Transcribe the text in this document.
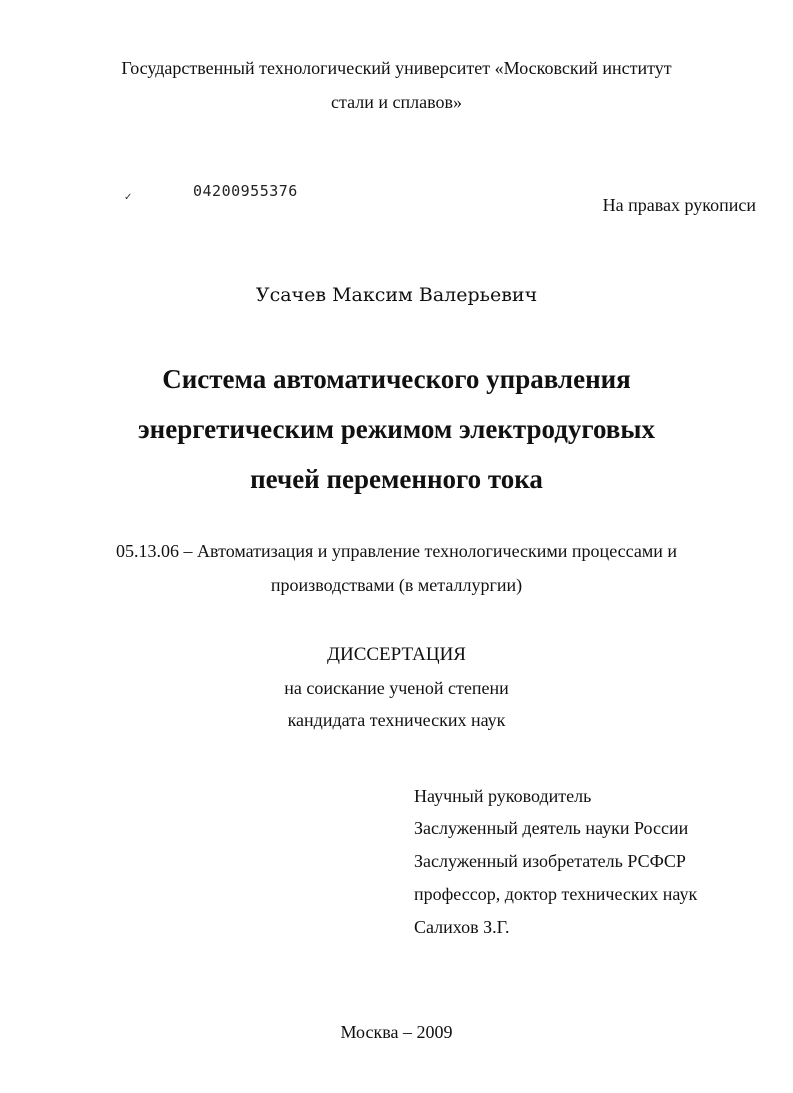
Государственный технологический университет «Московский институт
стали и сплавов»
✓	04200955376
На правах рукописи
Усачев Максим Валерьевич
Система автоматического управления
энергетическим режимом электродуговых
печей переменного тока
05.13.06 – Автоматизация и управление технологическими процессами и
производствами (в металлургии)
ДИССЕРТАЦИЯ
на соискание ученой степени
кандидата технических наук
Научный руководитель
Заслуженный деятель науки России
Заслуженный изобретатель РСФСР
профессор, доктор технических наук
Салихов З.Г.
Москва – 2009
